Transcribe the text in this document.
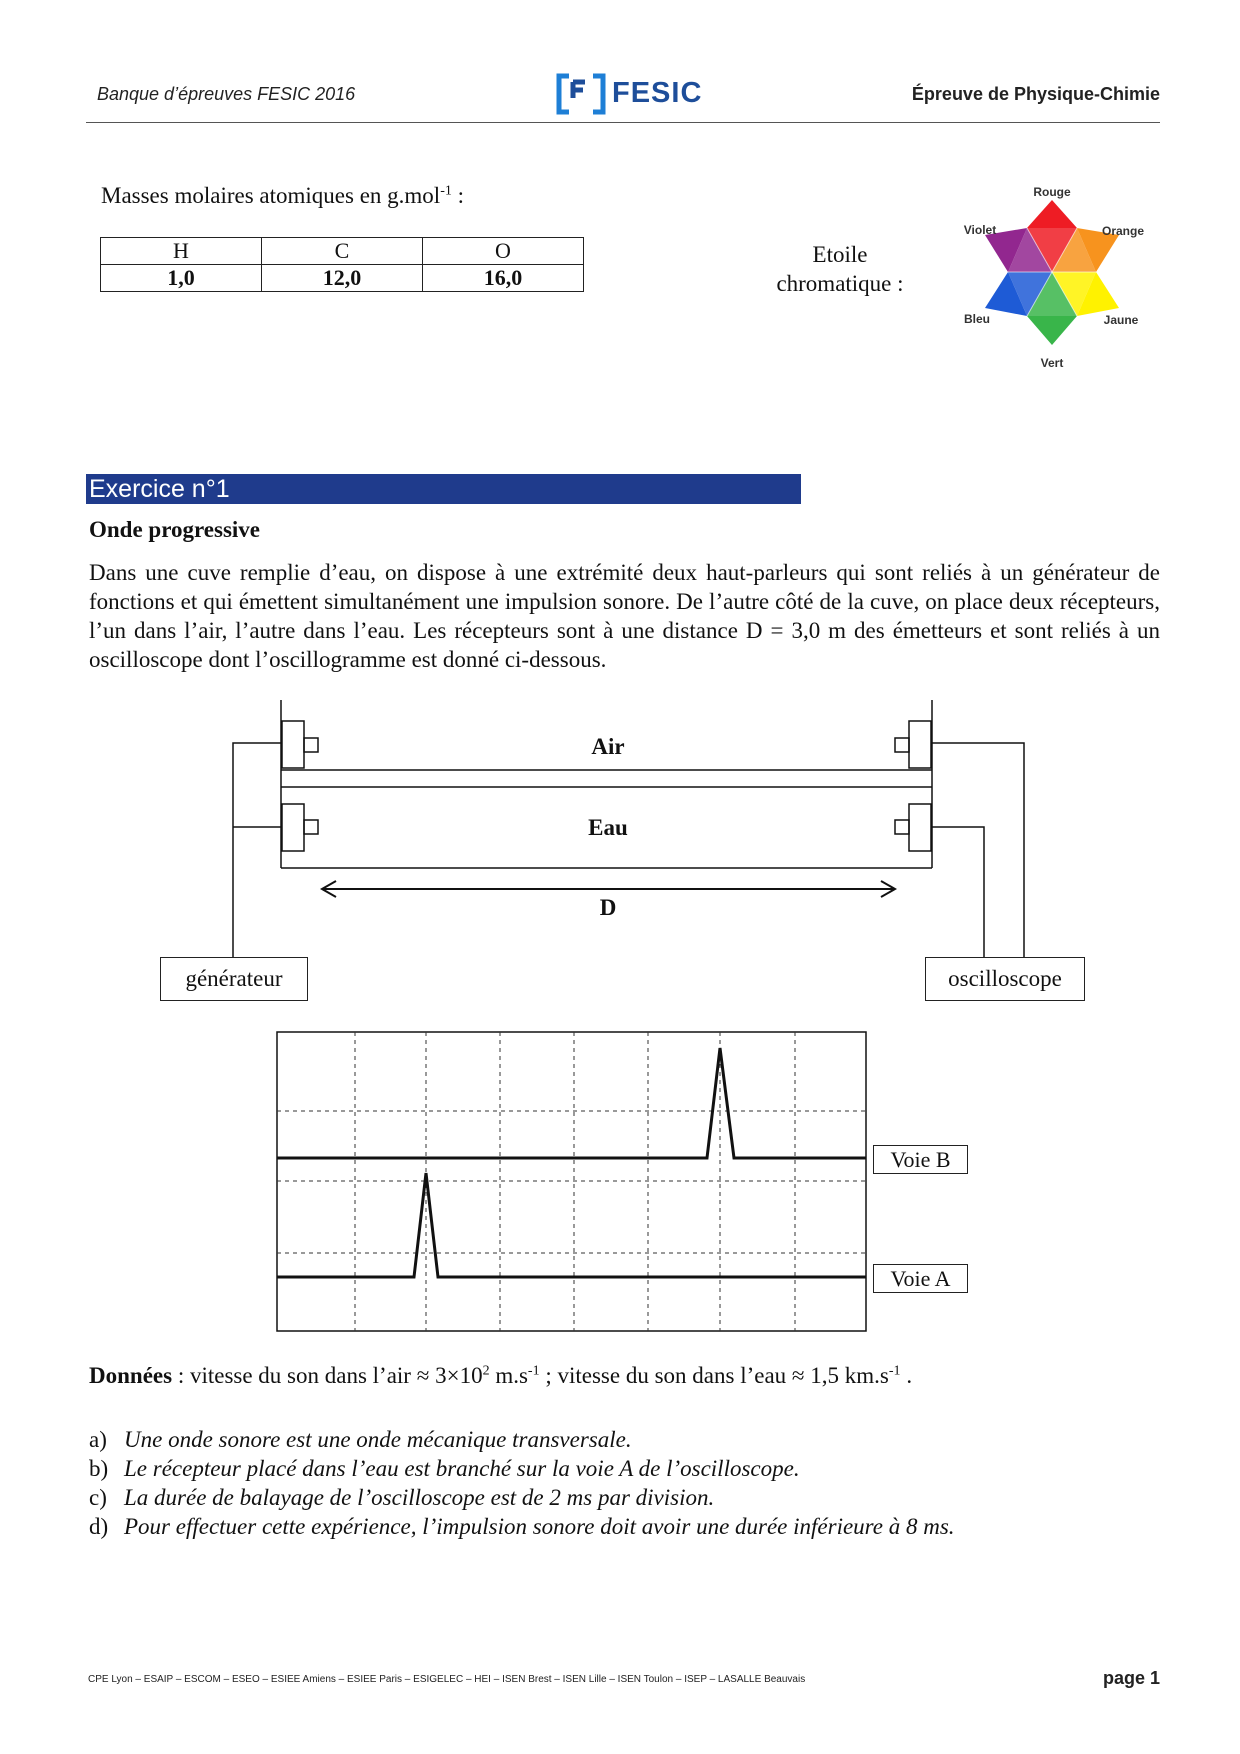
Banque d’épreuves FESIC 2016	FESIC	Épreuve de Physique-Chimie
Masses molaires atomiques en g.mol$^{-1}$ :
H	C	O
1,0	12,0	16,0
Etoile
chromatique :
Rouge
Orange
Jaune
Vert
Bleu
Violet
Exercice n°1
Onde progressive
Dans une cuve remplie d’eau, on dispose à une extrémité deux haut-parleurs qui sont reliés à un générateur de fonctions et qui émettent simultanément une impulsion sonore. De l’autre côté de la cuve, on place deux récepteurs, l’un dans l’air, l’autre dans l’eau. Les récepteurs sont à une distance D = 3,0 m des émetteurs et sont reliés à un oscilloscope dont l’oscillogramme est donné ci-dessous.
Air
Eau
D
générateur	oscilloscope
Voie B
Voie A
Données : vitesse du son dans l’air ≈ $3\times 10^2$ $m.s^{-1}$ ; vitesse du son dans l’eau ≈ 1,5 $km.s^{-1}$ .
a) Une onde sonore est une onde mécanique transversale.
b) Le récepteur placé dans l’eau est branché sur la voie A de l’oscilloscope.
c) La durée de balayage de l’oscilloscope est de 2 ms par division.
d) Pour effectuer cette expérience, l’impulsion sonore doit avoir une durée inférieure à 8 ms.
CPE Lyon – ESAIP – ESCOM – ESEO – ESIEE Amiens – ESIEE Paris – ESIGELEC – HEI – ISEN Brest – ISEN Lille – ISEN Toulon – ISEP – LASALLE Beauvais	page 1
